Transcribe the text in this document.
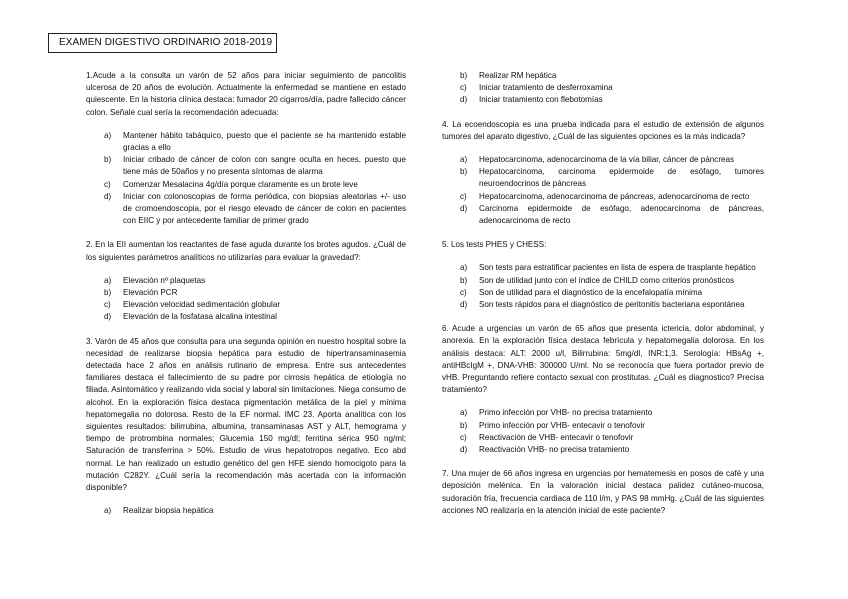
EXAMEN DIGESTIVO ORDINARIO 2018-2019

1.Acude a la consulta un varón de 52 años para iniciar seguimiento de pancolitis ulcerosa de 20 años de evolución. Actualmente la enfermedad se mantiene en estado quiescente. En la historia clínica destaca: fumador 20 cigarros/día, padre fallecido cáncer colon. Señale cual sería la recomendación adecuada:

a) Mantener hábito tabáquico, puesto que el paciente se ha mantenido estable gracias a ello
b) Iniciar cribado de cáncer de colon con sangre oculta en heces, puesto que tiene más de 50años y no presenta síntomas de alarma
c) Comenzar Mesalacina 4g/día porque claramente es un brote leve
d) Iniciar con colonoscopias de forma periódica, con biopsias aleatorias +/- uso de cromoendoscopia, por el riesgo elevado de cáncer de colon en pacientes con EIIC y por antecedente familiar de primer grado

2. En la EII aumentan los reactantes de fase aguda durante los brotes agudos. ¿Cuál de los siguientes parámetros analíticos no utilizarías para evaluar la gravedad?:

a) Elevación nº plaquetas
b) Elevación PCR
c) Elevación velocidad sedimentación globular
d) Elevación de la fosfatasa alcalina intestinal

3. Varón de 45 años que consulta para una segunda opinión en nuestro hospital sobre la necesidad de realizarse biopsia hepática para estudio de hipertransaminasemia detectada hace 2 años en análisis rutinario de empresa. Entre sus antecedentes familiares destaca el fallecimiento de su padre por cirrosis hepática de etiología no filiada. Asintomático y realizando vida social y laboral sin limitaciones. Niega consumo de alcohol. En la exploración física destaca pigmentación metálica de la piel y mínima hepatomegalia no dolorosa. Resto de la EF normal. IMC 23. Aporta analítica con los siguientes resultados: bilirrubina, albumina, transaminasas AST y ALT, hemograma y tiempo de protrombina normales; Glucemia 150 mg/dl; ferritina sérica 950 ng/ml; Saturación de transferrina > 50%. Estudio de virus hepatotropos negativo. Eco abd normal. Le han realizado un estudio genético del gen HFE siendo homocigoto para la mutación C282Y. ¿Cuál sería la recomendación más acertada con la información disponible?

a) Realizar biopsia hepática
b) Realizar RM hepática
c) Iniciar tratamiento de desferroxamina
d) Iniciar tratamiento con flebotomías

4. La ecoendoscopia es una prueba indicada para el estudio de extensión de algunos tumores del aparato digestivo, ¿Cuál de las siguientes opciones es la más indicada?

a) Hepatocarcinoma, adenocarcinoma de la vía biliar, cáncer de páncreas
b) Hepatocarcinoma, carcinoma epidermoide de esófago, tumores neuroendocrinos de páncreas
c) Hepatocarcinoma, adenocarcinoma de páncreas, adenocarcinoma de recto
d) Carcinoma epidermoide de esófago, adenocarcinoma de páncreas, adenocarcinoma de recto

5. Los tests PHES y CHESS:

a) Son tests para estratificar pacientes en lista de espera de trasplante hepático
b) Son de utilidad junto con el índice de CHILD como criterios pronósticos
c) Son de utilidad para el diagnóstico de la encefalopatía mínima
d) Son tests rápidos para el diagnóstico de peritonitis bacteriana espontánea

6. Acude a urgencias un varón de 65 años que presenta ictericia, dolor abdominal, y anorexia. En la exploración física destaca febrícula y hepatomegalia dolorosa. En los análisis destaca: ALT: 2000 u/l, Bilirrubina: 5mg/dl, INR:1,3. Serología: HBsAg +, antiHBcIgM +, DNA-VHB: 300000 U/ml. No se reconocía que fuera portador previo de vHB. Preguntando refiere contacto sexual con prostitutas. ¿Cuál es diagnostico? Precisa tratamiento?

a) Primo infección por VHB- no precisa tratamiento
b) Primo infección por VHB- entecavir o tenofovir
c) Reactivación de VHB- entecavir o tenofovir
d) Reactivación VHB- no precisa tratamiento

7. Una mujer de 66 años ingresa en urgencias por hematemesis en posos de café y una deposición melénica. En la valoración inicial destaca palidez cutáneo-mucosa, sudoración fría, frecuencia cardiaca de 110 l/m, y PAS 98 mmHg. ¿Cuál de las siguientes acciones NO realizaría en la atención inicial de este paciente?
